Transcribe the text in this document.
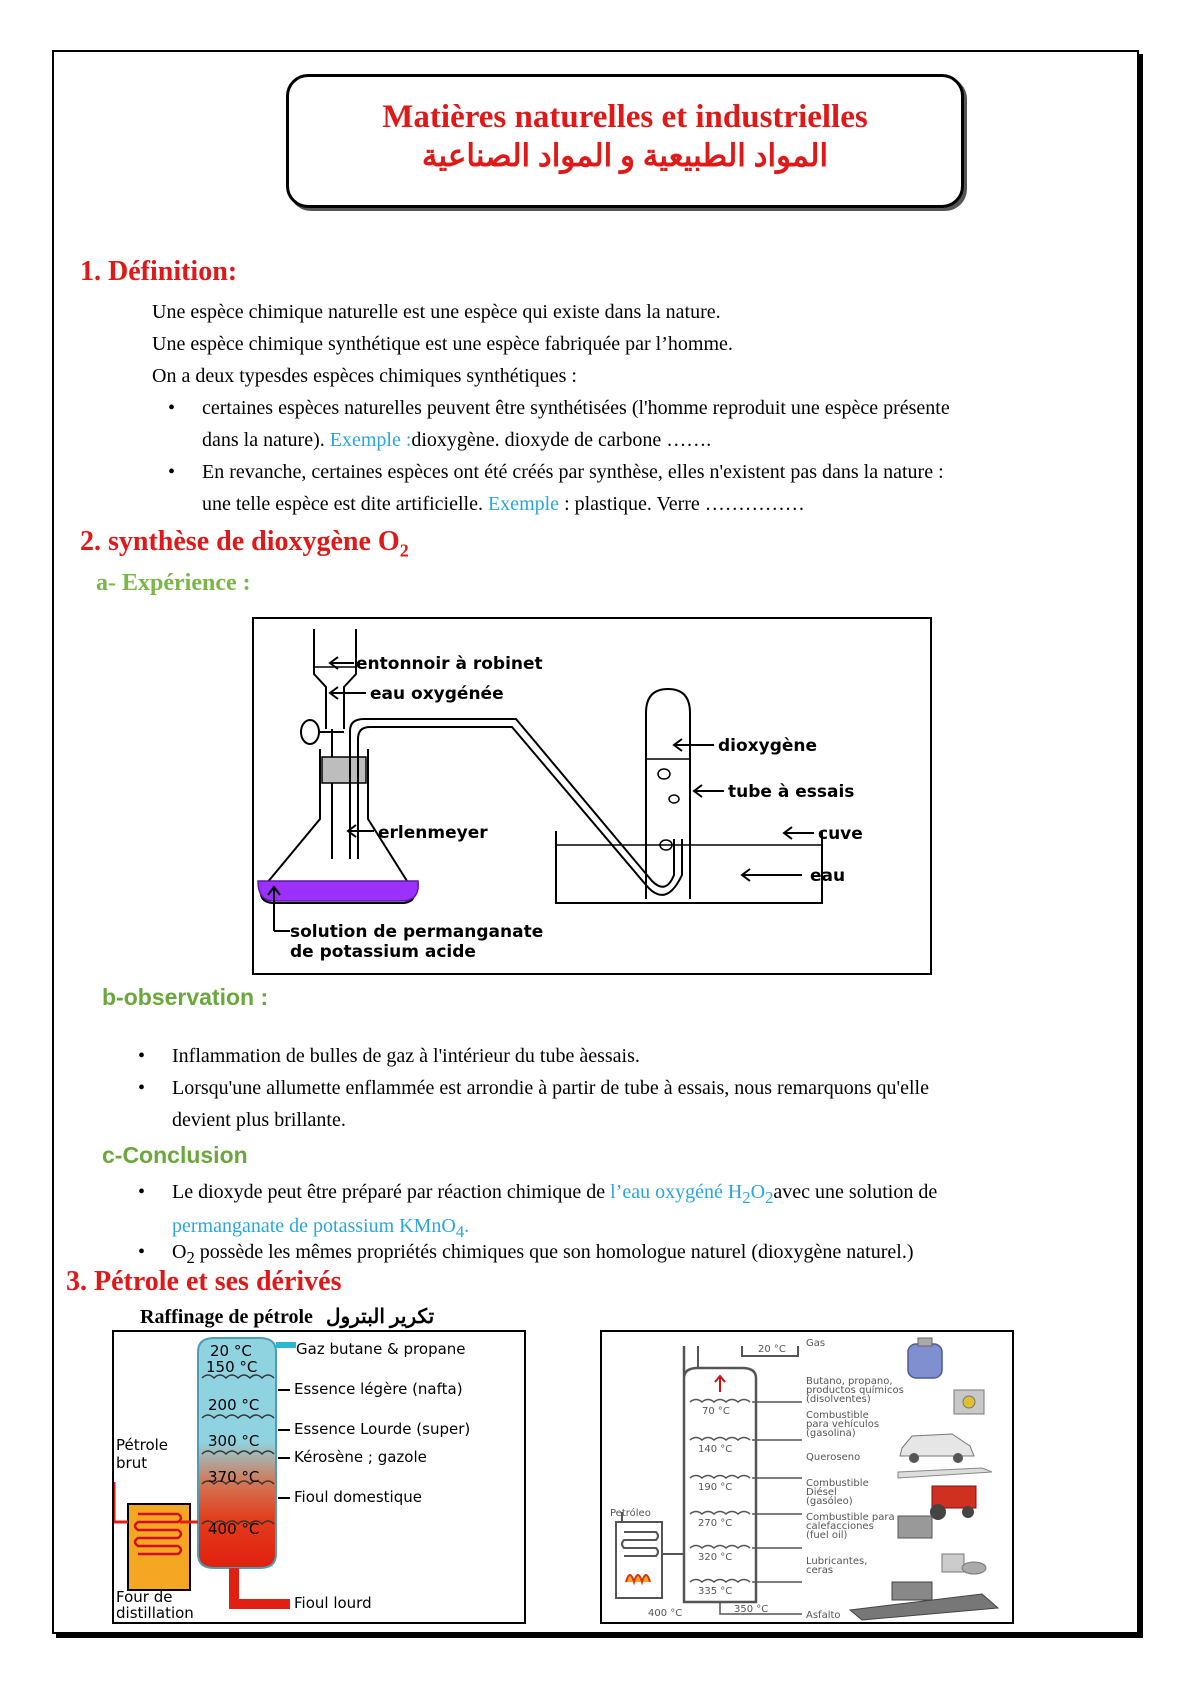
Matières naturelles et industrielles
المواد الطبيعية و المواد الصناعية
1. Définition:
Une espèce chimique naturelle est une espèce qui existe dans la nature.
Une espèce chimique synthétique est une espèce fabriquée par l’homme.
On a deux typesdes espèces chimiques synthétiques :
• certaines espèces naturelles peuvent être synthétisées (l'homme reproduit une espèce présente
dans la nature). Exemple :dioxygène. dioxyde de carbone …….
• En revanche, certaines espèces ont été créés par synthèse, elles n'existent pas dans la nature :
une telle espèce est dite artificielle. Exemple : plastique. Verre ……………
2. synthèse de dioxygène $O_2$
a- Expérience :
entonnoir à robinet
eau oxygénée
dioxygène
tube à essais
erlenmeyer	cuve
eau
solution de permanganate
de potassium acide
b-observation :
• Inflammation de bulles de gaz à l'intérieur du tube àessais.
• Lorsqu'une allumette enflammée est arrondie à partir de tube à essais, nous remarquons qu'elle
devient plus brillante.
c-Conclusion
• Le dioxyde peut être préparé par réaction chimique de l’eau oxygéné $H_2O_2avec$ une solution de
permanganate de potassium KMnO$_4$.
• $O_2$ possède les mêmes propriétés chimiques que son homologue naturel (dioxygène naturel.)
3. Pétrole et ses dérivés
Raffinage de pétrole تكرير البترول
20 °C
150 °C
200 °C
300 °C
370 °C
400 °C
Gaz butane & propane
Essence légère (nafta)
Essence Lourde (super)
Kérosène ; gazole
Fioul domestique
Fioul lourd
Pétrole
brut
Four de
distillation
20 °C
70 °C
140 °C
190 °C
270 °C
320 °C
335 °C
350 °C
400 °C
Petróleo
Gas
Butano, propano,
productos químicos
(disolventes)
Combustible
para vehículos
(gasolina)
Queroseno
Combustible
Diésel
(gasóleo)
Combustible para
calefacciones
(fuel oil)
Lubricantes,
ceras
Asfalto
